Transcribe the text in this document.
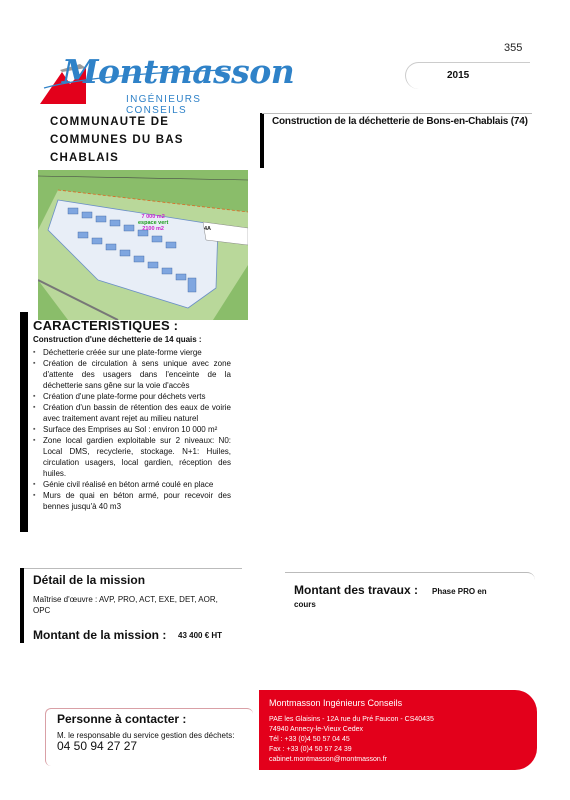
355
Montmasson
INGÉNIEURS CONSEILS
2015
COMMUNAUTE DE
COMMUNES DU BAS
CHABLAIS
Construction de la déchetterie de Bons-en-Chablais (74)
7 000 m2
espace vert
2100 m2	4A
CARACTERISTIQUES :
Construction d'une déchetterie de 14 quais :
▪ Déchetterie créée sur une plate-forme vierge
▪ Création de circulation à sens unique avec zone d'attente des usagers dans l'enceinte de la déchetterie sans gêne sur la voie d'accès
▪ Création d'une plate-forme pour déchets verts
▪ Création d'un bassin de rétention des eaux de voirie avec traitement avant rejet au milieu naturel
▪ Surface des Emprises au Sol : environ 10 000 m²
▪ Zone local gardien exploitable sur 2 niveaux: N0: Local DMS, recyclerie, stockage. N+1: Huiles, circulation usagers, local gardien, réception des huiles.
▪ Génie civil réalisé en béton armé coulé en place
▪ Murs de quai en béton armé, pour recevoir des bennes jusqu'à 40 m3
Détail de la mission
Maîtrise d'œuvre : AVP, PRO, ACT, EXE, DET, AOR, OPC
Montant de la mission : 43 400 € HT
Montant des travaux : Phase PRO en
cours
Personne à contacter :
M. le responsable du service gestion des déchets: 04 50 94 27 27
Montmasson Ingénieurs Conseils
PAE les Glaisins - 12A rue du Pré Faucon - CS40435
74940 Annecy-le-Vieux Cedex
Tél : +33 (0)4 50 57 04 45
Fax : +33 (0)4 50 57 24 39
cabinet.montmasson@montmasson.fr
